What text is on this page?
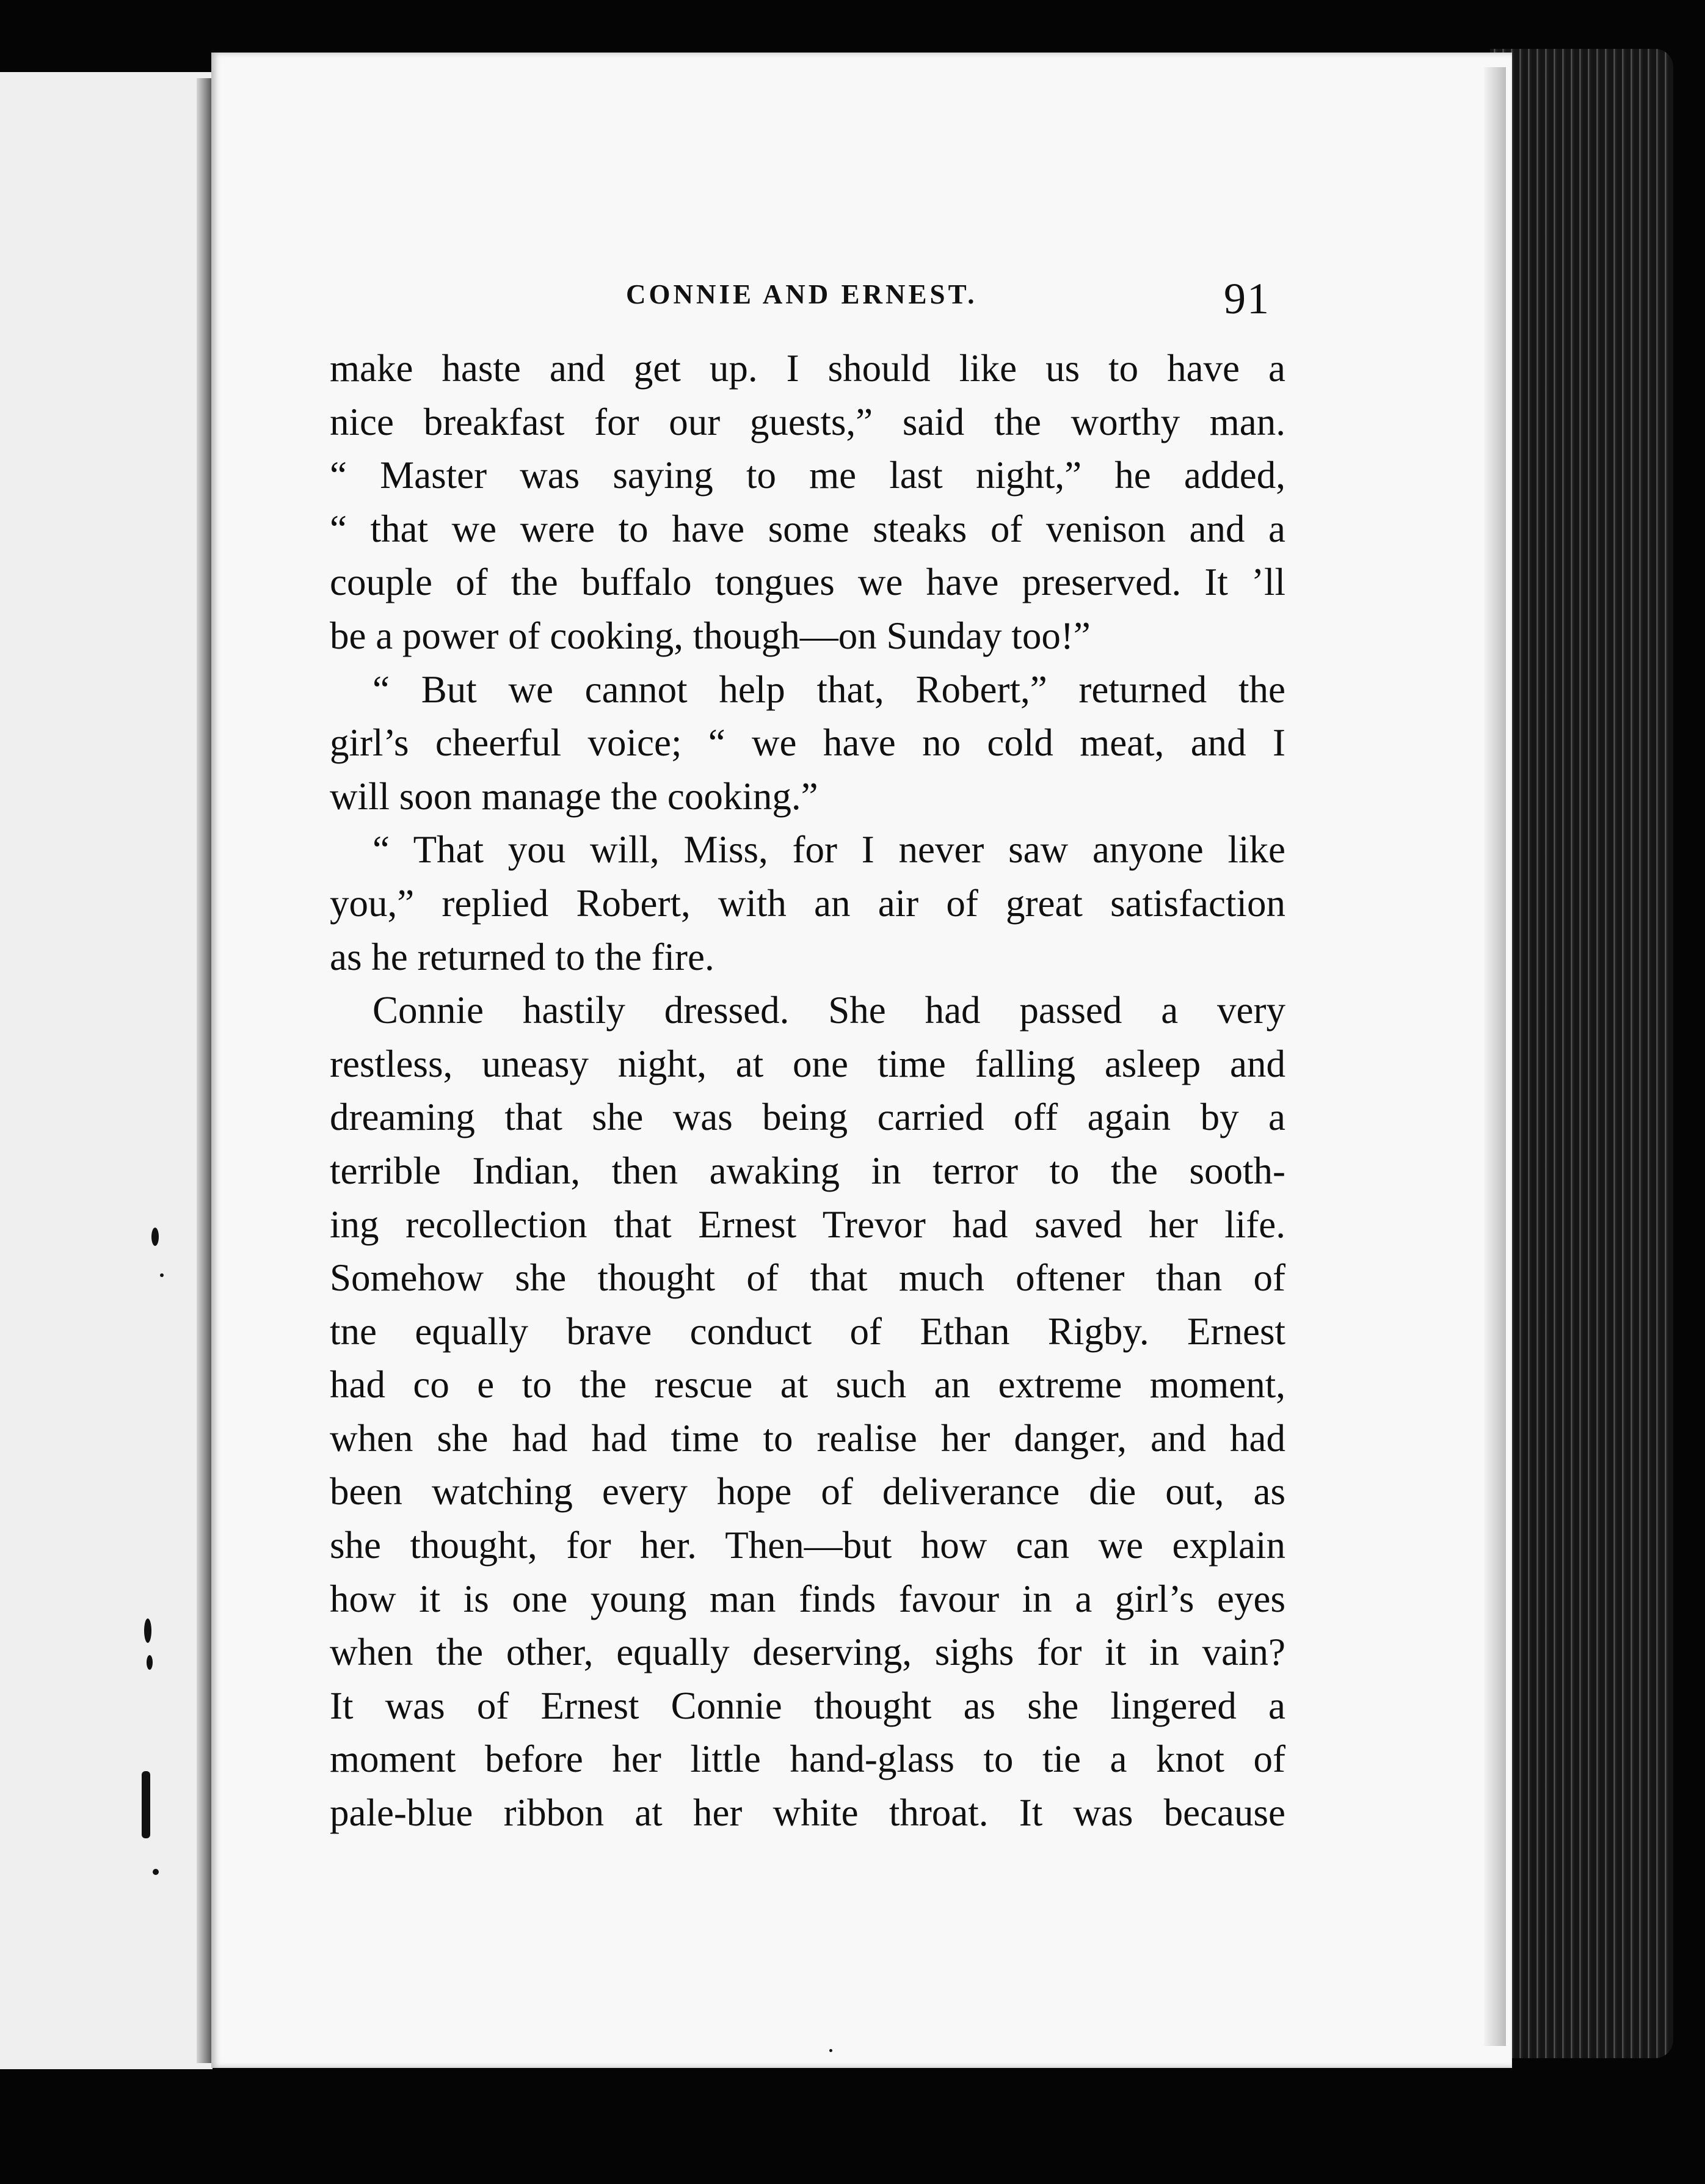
CONNIE AND ERNEST.	91
make haste and get up. I should like us to have a
nice breakfast for our guests,” said the worthy man.
“ Master was saying to me last night,” he added,
“ that we were to have some steaks of venison and a
couple of the buffalo tongues we have preserved. It ’ll
be a power of cooking, though—on Sunday too!”
“ But we cannot help that, Robert,” returned the
girl’s cheerful voice; “ we have no cold meat, and I
will soon manage the cooking.”
“ That you will, Miss, for I never saw anyone like
you,” replied Robert, with an air of great satisfaction
as he returned to the fire.
Connie hastily dressed. She had passed a very
restless, uneasy night, at one time falling asleep and
dreaming that she was being carried off again by a
terrible Indian, then awaking in terror to the sooth-
ing recollection that Ernest Trevor had saved her life.
Somehow she thought of that much oftener than of
tne equally brave conduct of Ethan Rigby. Ernest
had co e to the rescue at such an extreme moment,
when she had had time to realise her danger, and had
been watching every hope of deliverance die out, as
she thought, for her. Then—but how can we explain
how it is one young man finds favour in a girl’s eyes
when the other, equally deserving, sighs for it in vain?
It was of Ernest Connie thought as she lingered a
moment before her little hand-glass to tie a knot of
pale-blue ribbon at her white throat. It was because
